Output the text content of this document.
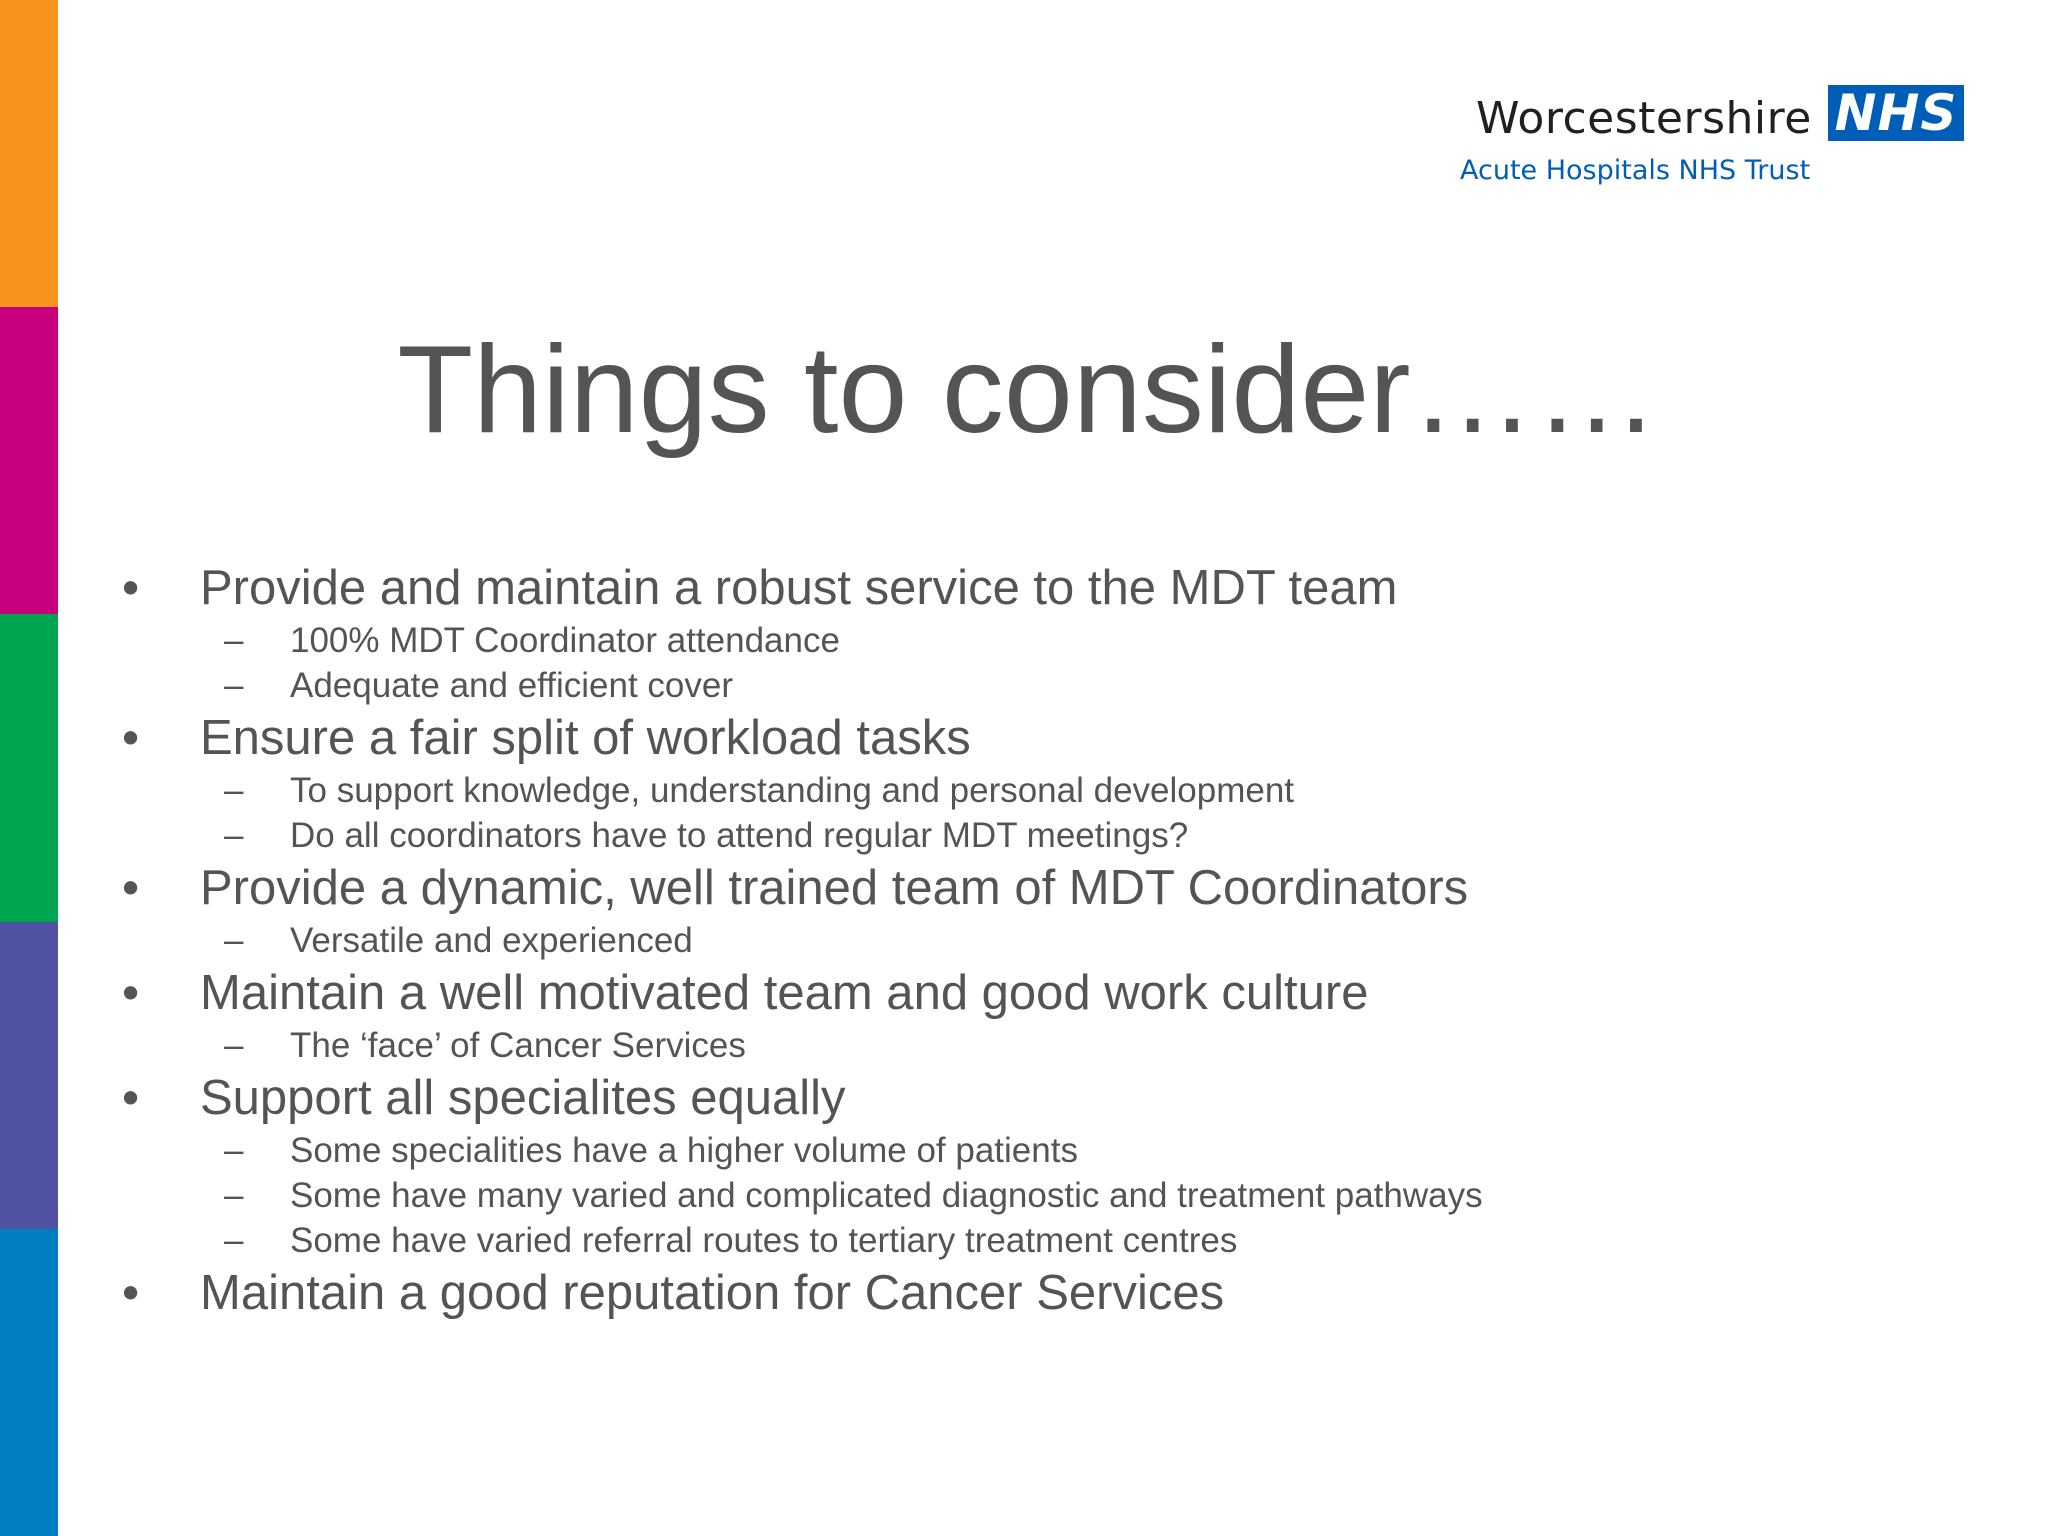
Worcestershire NHS
Acute Hospitals NHS Trust
Things to consider……
• Provide and maintain a robust service to the MDT team
– 100% MDT Coordinator attendance
– Adequate and efficient cover
• Ensure a fair split of workload tasks
– To support knowledge, understanding and personal development
– Do all coordinators have to attend regular MDT meetings?
• Provide a dynamic, well trained team of MDT Coordinators
– Versatile and experienced
• Maintain a well motivated team and good work culture
– The ‘face’ of Cancer Services
• Support all specialites equally
– Some specialities have a higher volume of patients
– Some have many varied and complicated diagnostic and treatment pathways
– Some have varied referral routes to tertiary treatment centres
• Maintain a good reputation for Cancer Services
